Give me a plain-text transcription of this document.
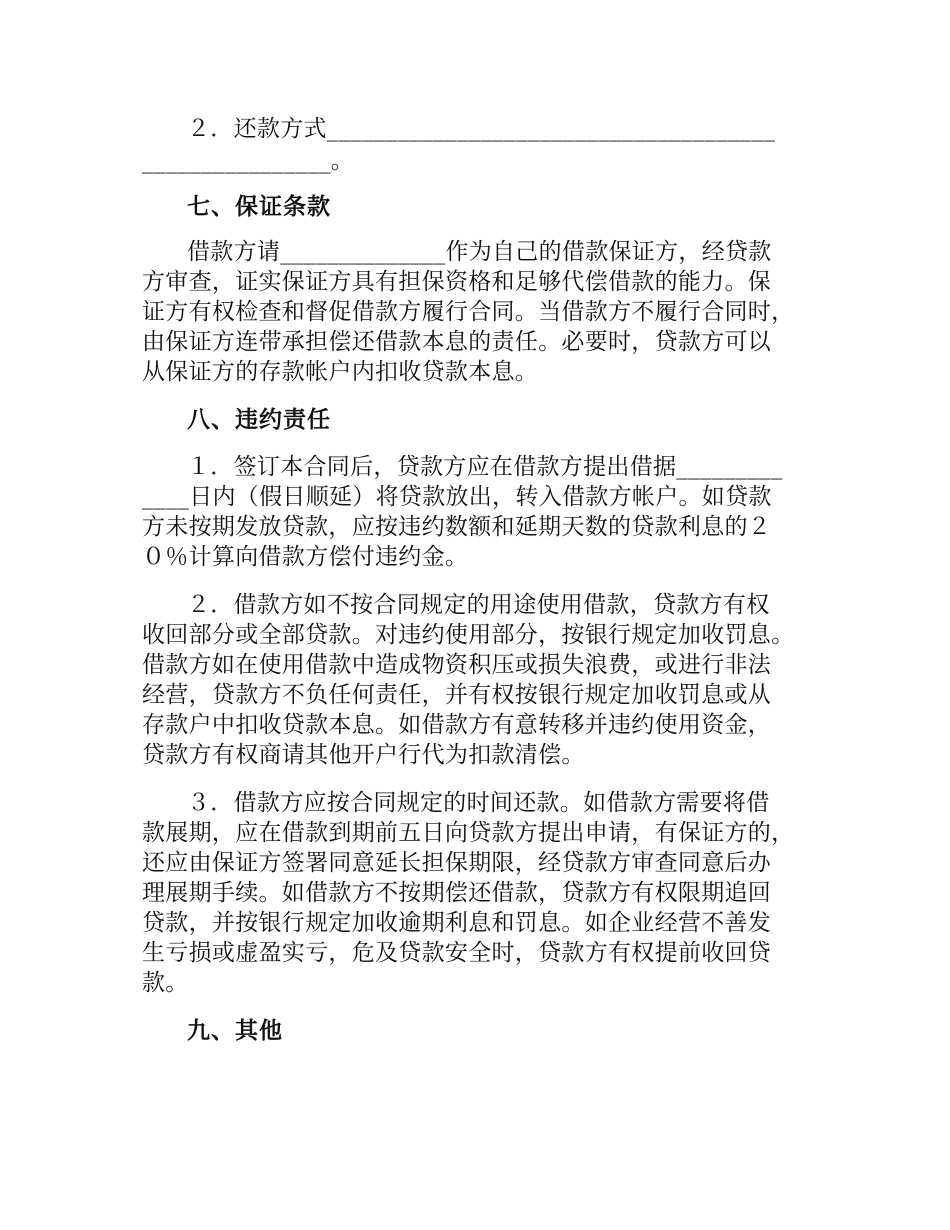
２．还款方式______________________________________
________________。
七、保证条款
借款方请______________作为自己的借款保证方，经贷款
方审查，证实保证方具有担保资格和足够代偿借款的能力。保
证方有权检查和督促借款方履行合同。当借款方不履行合同时，
由保证方连带承担偿还借款本息的责任。必要时，贷款方可以
从保证方的存款帐户内扣收贷款本息。
八、违约责任
１．签订本合同后，贷款方应在借款方提出借据_________
____日内（假日顺延）将贷款放出，转入借款方帐户。如贷款
方未按期发放贷款，应按违约数额和延期天数的贷款利息的２
０％计算向借款方偿付违约金。
２．借款方如不按合同规定的用途使用借款，贷款方有权
收回部分或全部贷款。对违约使用部分，按银行规定加收罚息。
借款方如在使用借款中造成物资积压或损失浪费，或进行非法
经营，贷款方不负任何责任，并有权按银行规定加收罚息或从
存款户中扣收贷款本息。如借款方有意转移并违约使用资金，
贷款方有权商请其他开户行代为扣款清偿。
３．借款方应按合同规定的时间还款。如借款方需要将借
款展期，应在借款到期前五日向贷款方提出申请，有保证方的，
还应由保证方签署同意延长担保期限，经贷款方审查同意后办
理展期手续。如借款方不按期偿还借款，贷款方有权限期追回
贷款，并按银行规定加收逾期利息和罚息。如企业经营不善发
生亏损或虚盈实亏，危及贷款安全时，贷款方有权提前收回贷
款。
九、其他
